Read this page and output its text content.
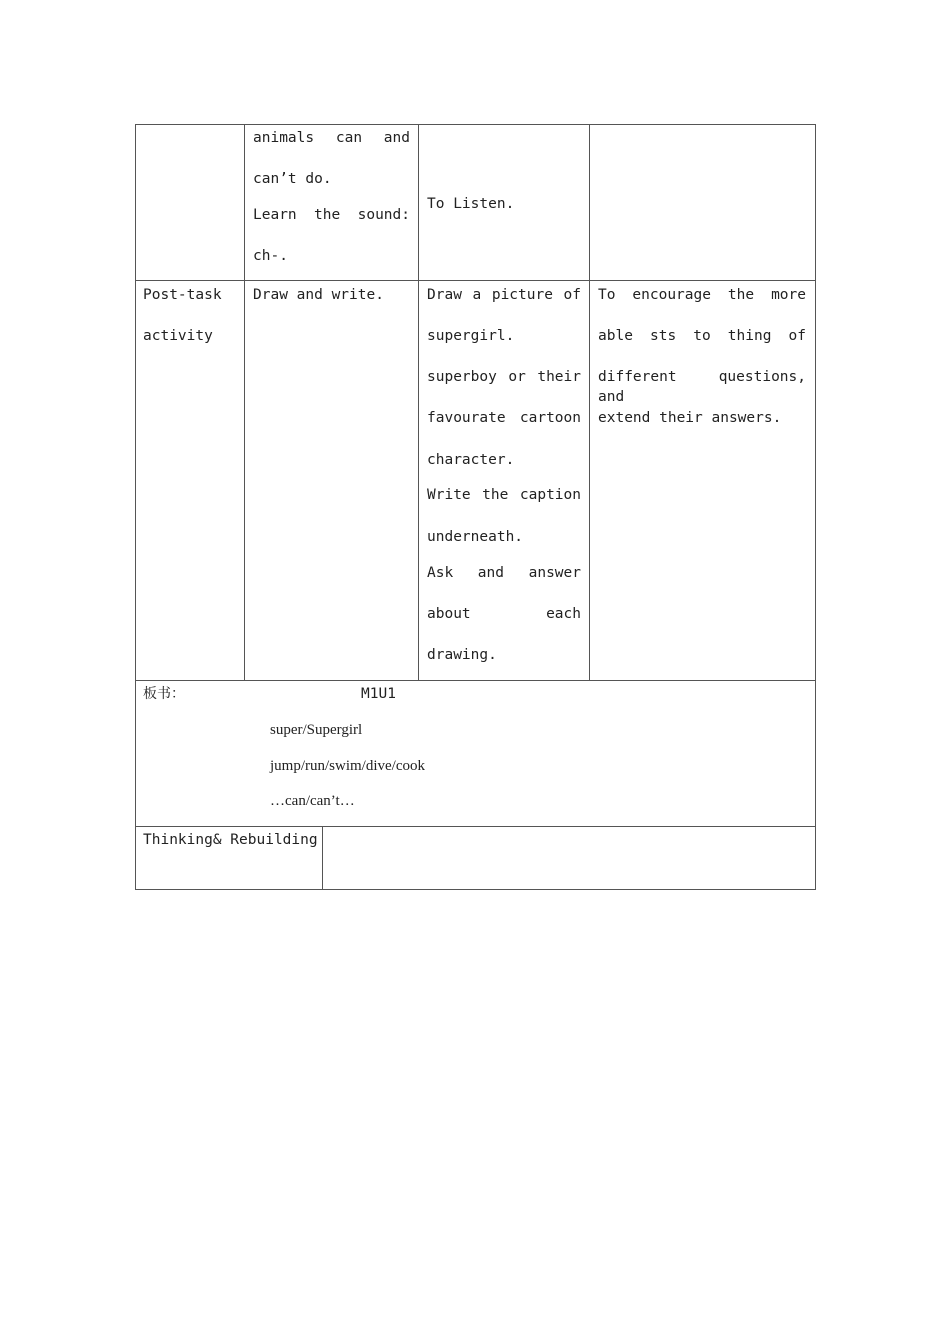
animals can and
can’t do.
Learn the sound:
ch-.
To Listen.
Post-task
activity
Draw and write.	Draw a picture of
supergirl.
superboy or their
favourate cartoon
character.
Write the caption
underneath.
Ask and answer
about each
drawing.
To encourage the more
able sts to thing of
different questions, and
extend their answers.
板书：	M1U1
super/Supergirl
jump/run/swim/dive/cook
…can/can’t…
Thinking& Rebuilding
